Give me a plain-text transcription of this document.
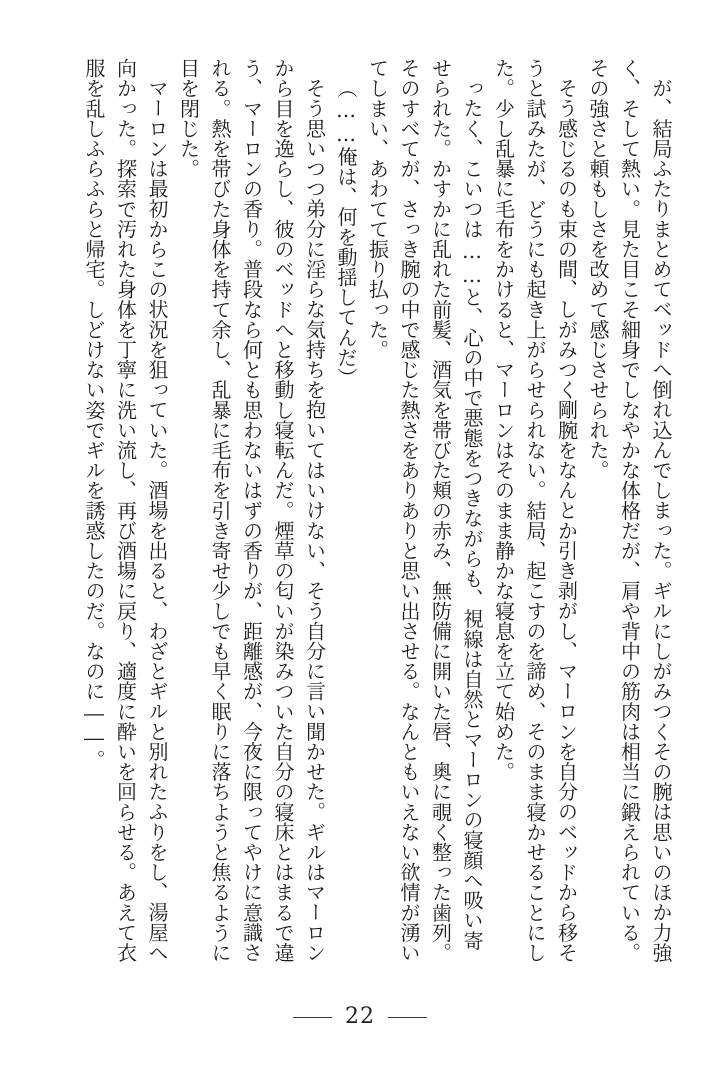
が、結局ふたりまとめてベッドへ倒れ込んでしまった。ギルにしがみつくその腕は思いのほか力強く、そして熱い。見た目こそ細身でしなやかな体格だが、肩や背中の筋肉は相当に鍛えられている。その強さと頼もしさを改めて感じさせられた。

そう感じるのも束の間、しがみつく剛腕をなんとか引き剥がし、マーロンを自分のベッドから移そうと試みたが、どうにも起き上がらせられない。結局、起こすのを諦め、そのまま寝かせることにした。少し乱暴に毛布をかけると、マーロンはそのまま静かな寝息を立て始めた。

ったく、こいつは……と、心の中で悪態をつきながらも、視線は自然とマーロンの寝顔へ吸い寄せられた。かすかに乱れた前髪、酒気を帯びた頬の赤み、無防備に開いた唇、奥に覗く整った歯列。そのすべてが、さっき腕の中で感じた熱さをありありと思い出させる。なんともいえない欲情が湧いてしまい、あわてて振り払った。

（……俺は、何を動揺してんだ）

そう思いつつ弟分に淫らな気持ちを抱いてはいけない、そう自分に言い聞かせた。ギルはマーロンから目を逸らし、彼のベッドへと移動し寝転んだ。煙草の匂いが染みついた自分の寝床とはまるで違う、マーロンの香り。普段なら何とも思わないはずの香りが、距離感が、今夜に限ってやけに意識される。熱を帯びた身体を持て余し、乱暴に毛布を引き寄せ少しでも早く眠りに落ちようと焦るように目を閉じた。

マーロンは最初からこの状況を狙っていた。酒場を出ると、わざとギルと別れたふりをし、湯屋へ向かった。探索で汚れた身体を丁寧に洗い流し、再び酒場に戻り、適度に酔いを回らせる。あえて衣服を乱しふらふらと帰宅。しどけない姿でギルを誘惑したのだ。なのに――。

22
